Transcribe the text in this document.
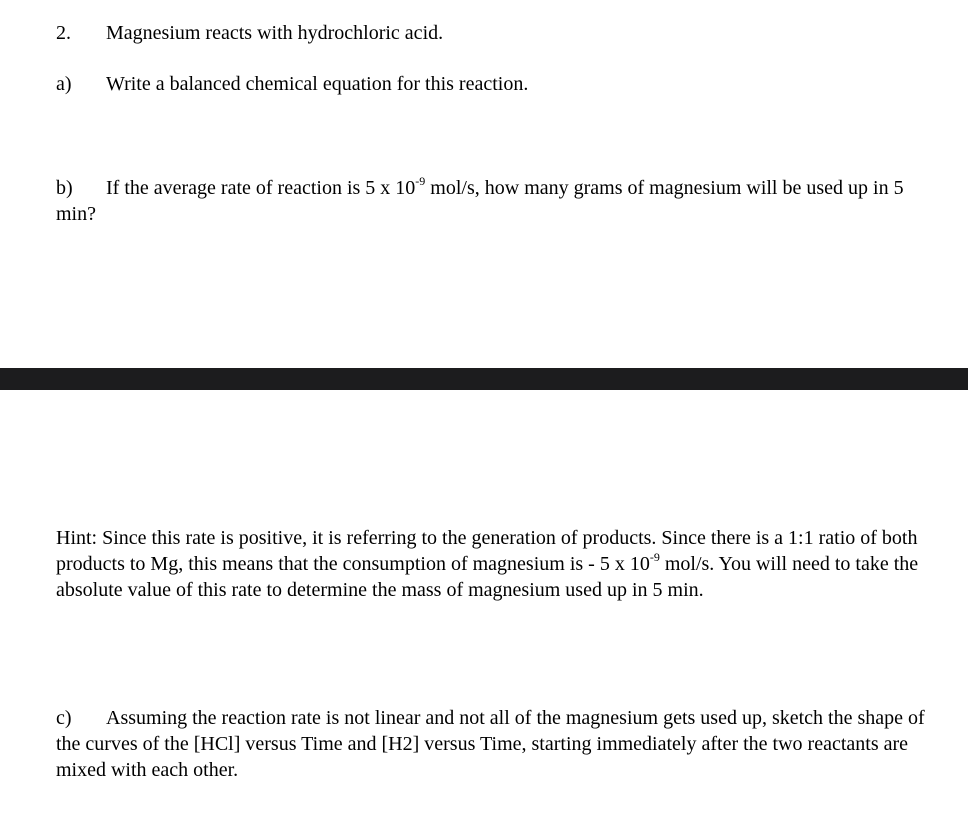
2. Magnesium reacts with hydrochloric acid.
a) Write a balanced chemical equation for this reaction.
b) If the average rate of reaction is 5 x $10^{-9}$ mol/s, how many grams of magnesium will be used up in 5 min?
Hint: Since this rate is positive, it is referring to the generation of products. Since there is a 1:1 ratio of both products to Mg, this means that the consumption of magnesium is - 5 x $10^{-9}$ mol/s. You will need to take the absolute value of this rate to determine the mass of magnesium used up in 5 min.
c) Assuming the reaction rate is not linear and not all of the magnesium gets used up, sketch the shape of the curves of the [HCl] versus Time and [H2] versus Time, starting immediately after the two reactants are mixed with each other.
